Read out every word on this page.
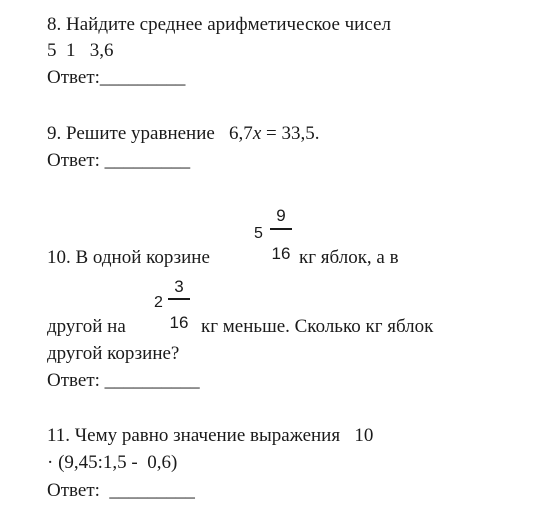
8. Найдите среднее арифметическое чисел
5  1   3,6
Ответ:_________
9. Решите уравнение   6,7x = 33,5.
Ответ: _________
5
9
16
10. В одной корзине	кг яблок, а в
2
3
16
другой на	кг меньше. Сколько кг яблок
другой корзине?
Ответ: __________
11. Чему равно значение выражения   10
· (9,45:1,5 -  0,6)
Ответ:  _________
